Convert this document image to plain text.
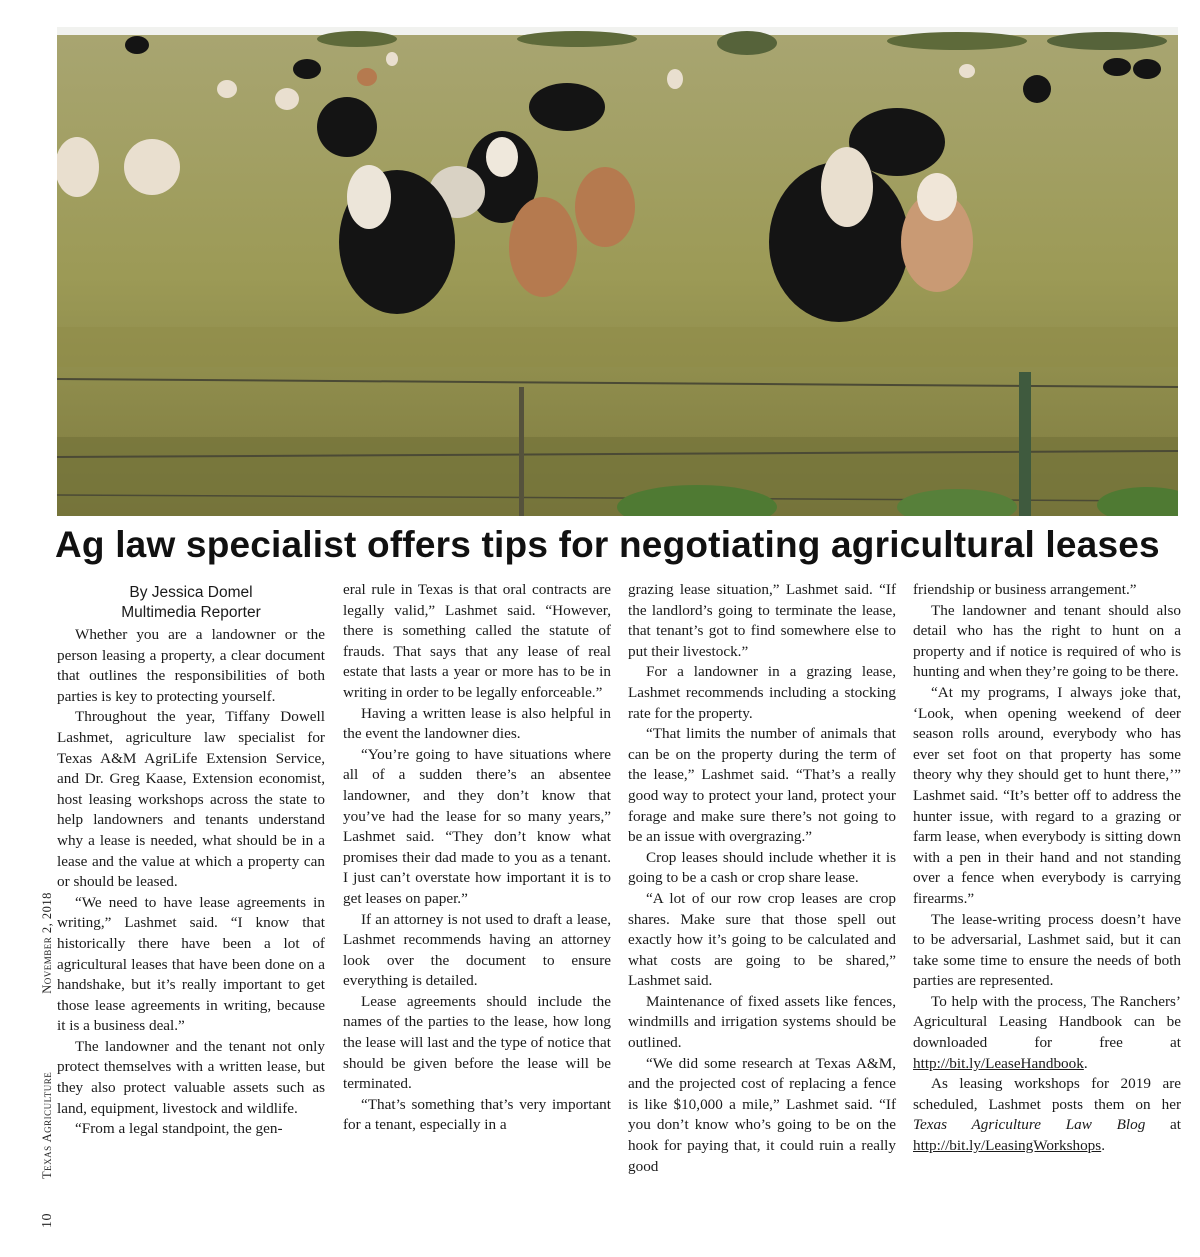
Ag law specialist offers tips for negotiating agricultural leases
10Texas AgricultureNovember 2, 2018
By Jessica Domel
Multimedia Reporter

Whether you are a landowner or the person leasing a property, a clear document that outlines the responsibilities of both parties is key to protecting yourself.

Throughout the year, Tiffany Dowell Lashmet, agriculture law specialist for Texas A&M AgriLife Extension Service, and Dr. Greg Kaase, Extension economist, host leasing workshops across the state to help landowners and tenants understand why a lease is needed, what should be in a lease and the value at which a property can or should be leased.

“We need to have lease agreements in writing,” Lashmet said. “I know that historically there have been a lot of agricultural leases that have been done on a handshake, but it’s really important to get those lease agreements in writing, because it is a business deal.”

The landowner and the tenant not only protect themselves with a written lease, but they also protect valuable assets such as land, equipment, livestock and wildlife.

“From a legal standpoint, the gen-

eral rule in Texas is that oral contracts are legally valid,” Lashmet said. “However, there is something called the statute of frauds. That says that any lease of real estate that lasts a year or more has to be in writing in order to be legally enforceable.”

Having a written lease is also helpful in the event the landowner dies.

“You’re going to have situations where all of a sudden there’s an absentee landowner, and they don’t know that you’ve had the lease for so many years,” Lashmet said. “They don’t know what promises their dad made to you as a tenant. I just can’t overstate how important it is to get leases on paper.”

If an attorney is not used to draft a lease, Lashmet recommends having an attorney look over the document to ensure everything is detailed.

Lease agreements should include the names of the parties to the lease, how long the lease will last and the type of notice that should be given before the lease will be terminated.

“That’s something that’s very important for a tenant, especially in a

grazing lease situation,” Lashmet said. “If the landlord’s going to terminate the lease, that tenant’s got to find somewhere else to put their livestock.”

For a landowner in a grazing lease, Lashmet recommends including a stocking rate for the property.

“That limits the number of animals that can be on the property during the term of the lease,” Lashmet said. “That’s a really good way to protect your land, protect your forage and make sure there’s not going to be an issue with overgrazing.”

Crop leases should include whether it is going to be a cash or crop share lease.

“A lot of our row crop leases are crop shares. Make sure that those spell out exactly how it’s going to be calculated and what costs are going to be shared,” Lashmet said.

Maintenance of fixed assets like fences, windmills and irrigation systems should be outlined.

“We did some research at Texas A&M, and the projected cost of replacing a fence is like $10,000 a mile,” Lashmet said. “If you don’t know who’s going to be on the hook for paying that, it could ruin a really good

friendship or business arrangement.”

The landowner and tenant should also detail who has the right to hunt on a property and if notice is required of who is hunting and when they’re going to be there.

“At my programs, I always joke that, ‘Look, when opening weekend of deer season rolls around, everybody who has ever set foot on that property has some theory why they should get to hunt there,’” Lashmet said. “It’s better off to address the hunter issue, with regard to a grazing or farm lease, when everybody is sitting down with a pen in their hand and not standing over a fence when everybody is carrying firearms.”

The lease-writing process doesn’t have to be adversarial, Lashmet said, but it can take some time to ensure the needs of both parties are represented.

To help with the process, The Ranchers’ Agricultural Leasing Handbook can be downloaded for free at http://bit.ly/LeaseHandbook.

As leasing workshops for 2019 are scheduled, Lashmet posts them on her Texas Agriculture Law Blog at http://bit.ly/LeasingWorkshops.
